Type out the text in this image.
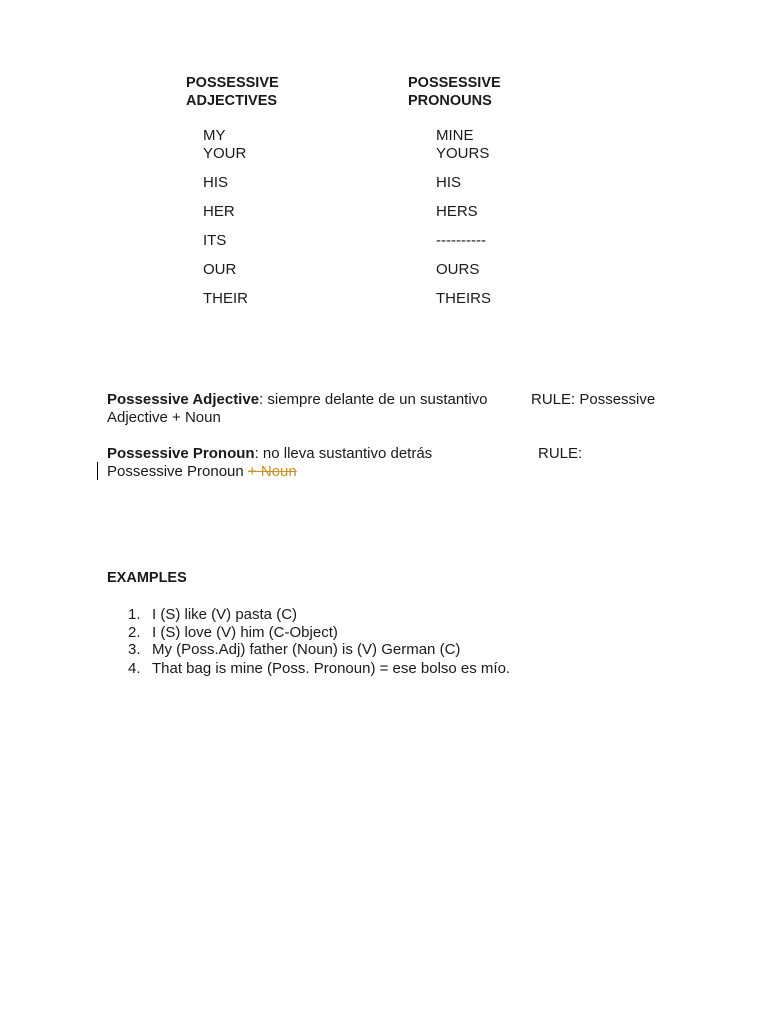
POSSESSIVE
ADJECTIVES

POSSESSIVE
PRONOUNS

MY
YOUR
HIS
HER
ITS
OUR
THEIR
MINE
YOURS
HIS
HERS
----------
OURS
THEIRS

Possessive Adjective: siempre delante de un sustantivo	RULE: Possessive
Adjective + Noun

Possessive Pronoun: no lleva sustantivo detrás	RULE:
Possessive Pronoun + Noun

EXAMPLES

1. I (S) like (V) pasta (C)
2. I (S) love (V) him (C-Object)
3. My (Poss.Adj) father (Noun) is (V) German (C)
4. That bag is mine (Poss. Pronoun) = ese bolso es mío.
